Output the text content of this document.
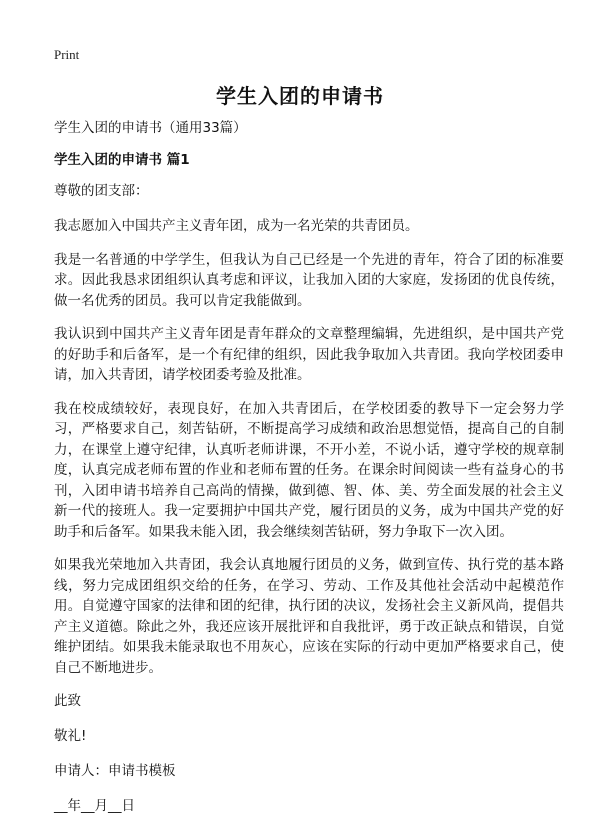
Print
学生入团的申请书
学生入团的申请书（通用33篇）
学生入团的申请书 篇1
尊敬的团支部：
我志愿加入中国共产主义青年团，成为一名光荣的共青团员。
我是一名普通的中学学生，但我认为自己已经是一个先进的青年，符合了团的标准要求。因此我恳求团组织认真考虑和评议，让我加入团的大家庭，发扬团的优良传统，做一名优秀的团员。我可以肯定我能做到。
我认识到中国共产主义青年团是青年群众的文章整理编辑，先进组织，是中国共产党的好助手和后备军，是一个有纪律的组织，因此我争取加入共青团。我向学校团委申请，加入共青团，请学校团委考验及批准。
我在校成绩较好，表现良好，在加入共青团后，在学校团委的教导下一定会努力学习，严格要求自己，刻苦钻研，不断提高学习成绩和政治思想觉悟，提高自己的自制力，在课堂上遵守纪律，认真听老师讲课，不开小差，不说小话，遵守学校的规章制度，认真完成老师布置的作业和老师布置的任务。在课余时间阅读一些有益身心的书刊，入团申请书培养自己高尚的情操，做到德、智、体、美、劳全面发展的社会主义新一代的接班人。我一定要拥护中国共产党，履行团员的义务，成为中国共产党的好助手和后备军。如果我未能入团，我会继续刻苦钻研，努力争取下一次入团。
如果我光荣地加入共青团，我会认真地履行团员的义务，做到宣传、执行党的基本路线，努力完成团组织交给的任务，在学习、劳动、工作及其他社会活动中起模范作用。自觉遵守国家的法律和团的纪律，执行团的决议，发扬社会主义新风尚，提倡共产主义道德。除此之外，我还应该开展批评和自我批评，勇于改正缺点和错误，自觉维护团结。如果我未能录取也不用灰心，应该在实际的行动中更加严格要求自己，使自己不断地进步。
此致
敬礼!
申请人：申请书模板
__年__月__日
